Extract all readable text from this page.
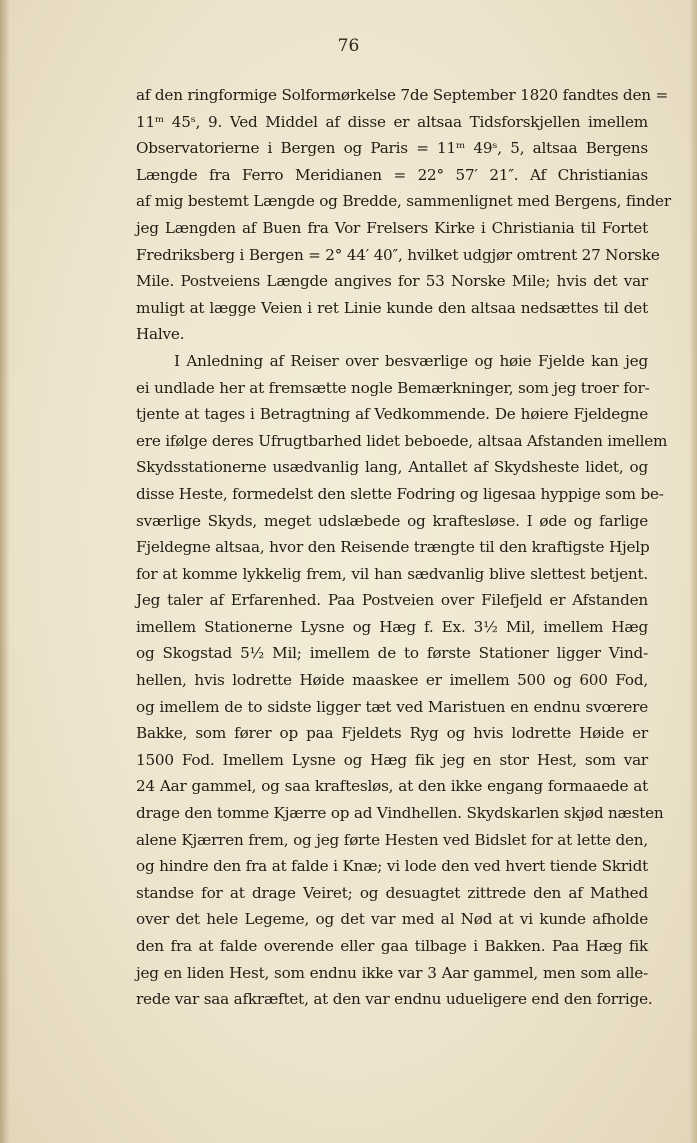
76
af den ringformige Solformørkelse 7de September 1820 fandtes den =
11ᵐ 45ˢ, 9. Ved Middel af disse er altsaa Tidsforskjellen imellem
Observatorierne i Bergen og Paris = 11ᵐ 49ˢ, 5, altsaa Bergens
Længde fra Ferro Meridianen = 22° 57′ 21″. Af Christianias
af mig bestemt Længde og Bredde, sammenlignet med Bergens, finder
jeg Længden af Buen fra Vor Frelsers Kirke i Christiania til Fortet
Fredriksberg i Bergen = 2° 44′ 40″, hvilket udgjør omtrent 27 Norske
Mile. Postveiens Længde angives for 53 Norske Mile; hvis det var
muligt at lægge Veien i ret Linie kunde den altsaa nedsættes til det
Halve.
I Anledning af Reiser over besværlige og høie Fjelde kan jeg
ei undlade her at fremsætte nogle Bemærkninger, som jeg troer for-
tjente at tages i Betragtning af Vedkommende. De høiere Fjeldegne
ere ifølge deres Ufrugtbarhed lidet beboede, altsaa Afstanden imellem
Skydsstationerne usædvanlig lang, Antallet af Skydsheste lidet, og
disse Heste, formedelst den slette Fodring og ligesaa hyppige som be-
sværlige Skyds, meget udslæbede og kraftesløse. I øde og farlige
Fjeldegne altsaa, hvor den Reisende trængte til den kraftigste Hjelp
for at komme lykkelig frem, vil han sædvanlig blive slettest betjent.
Jeg taler af Erfarenhed. Paa Postveien over Filefjeld er Afstanden
imellem Stationerne Lysne og Hæg f. Ex. 3½ Mil, imellem Hæg
og Skogstad 5½ Mil; imellem de to første Stationer ligger Vind-
hellen, hvis lodrette Høide maaskee er imellem 500 og 600 Fod,
og imellem de to sidste ligger tæt ved Maristuen en endnu svœrere
Bakke, som fører op paa Fjeldets Ryg og hvis lodrette Høide er
1500 Fod. Imellem Lysne og Hæg fik jeg en stor Hest, som var
24 Aar gammel, og saa kraftesløs, at den ikke engang formaaede at
drage den tomme Kjærre op ad Vindhellen. Skydskarlen skjød næsten
alene Kjærren frem, og jeg førte Hesten ved Bidslet for at lette den,
og hindre den fra at falde i Knæ; vi lode den ved hvert tiende Skridt
standse for at drage Veiret; og desuagtet zittrede den af Mathed
over det hele Legeme, og det var med al Nød at vi kunde afholde
den fra at falde overende eller gaa tilbage i Bakken. Paa Hæg fik
jeg en liden Hest, som endnu ikke var 3 Aar gammel, men som alle-
rede var saa afkræftet, at den var endnu udueligere end den forrige.
